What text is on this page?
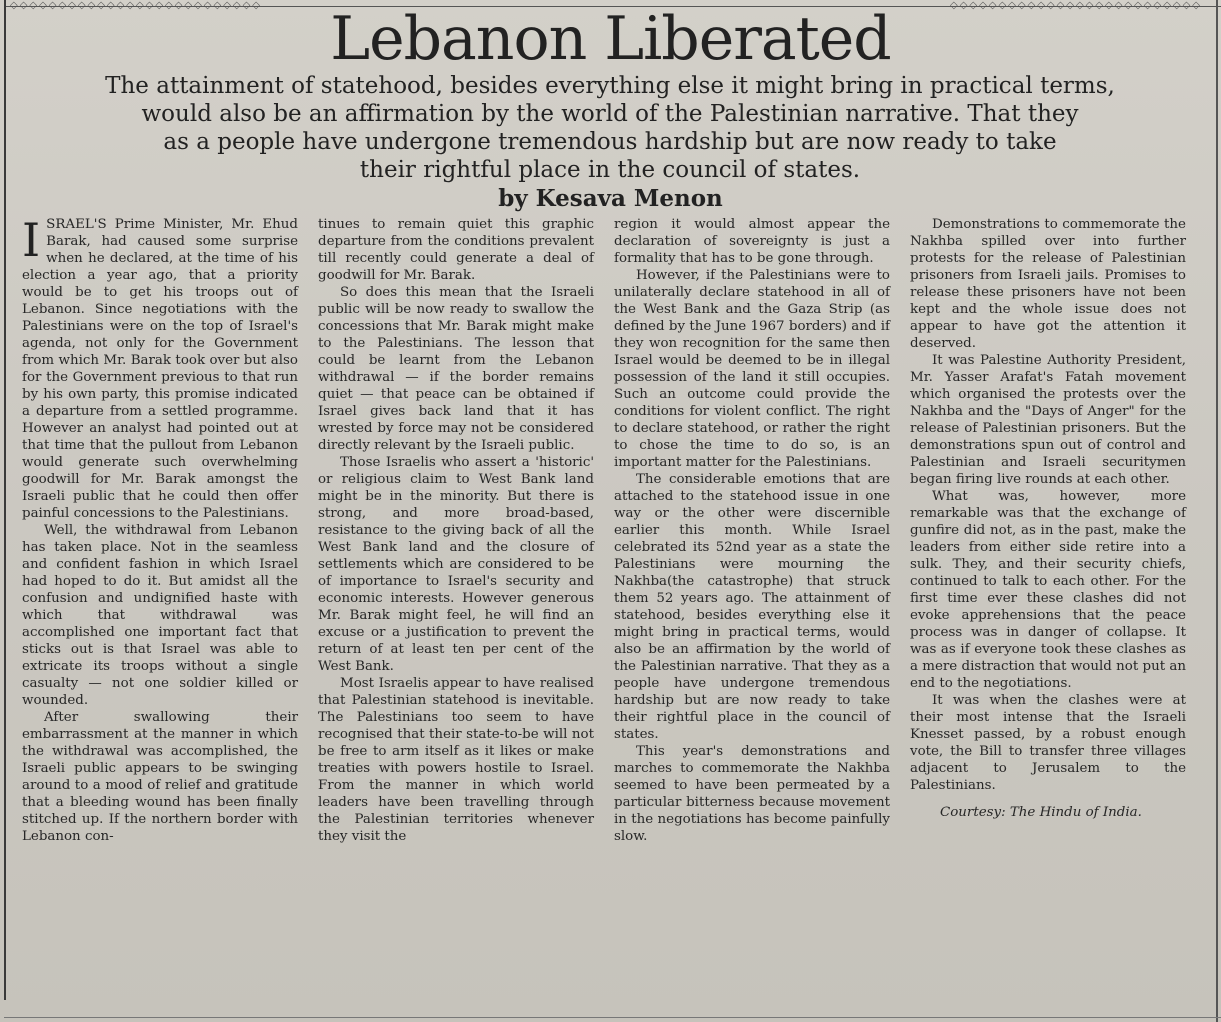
◇◇◇◇◇◇◇◇◇◇◇◇◇◇◇◇◇◇◇◇◇◇◇◇◇◇	◇◇◇◇◇◇◇◇◇◇◇◇◇◇◇◇◇◇◇◇◇◇◇◇◇◇
Lebanon Liberated
The attainment of statehood, besides everything else it might bring in practical terms,
would also be an affirmation by the world of the Palestinian narrative. That they
as a people have undergone tremendous hardship but are now ready to take
their rightful place in the council of states.
by Kesava Menon

ISRAEL'S Prime Minister, Mr. Ehud Barak, had caused some surprise when he declared, at the time of his election a year ago, that a priority would be to get his troops out of Lebanon. Since negotiations with the Palestinians were on the top of Israel's agenda, not only for the Government from which Mr. Barak took over but also for the Government previous to that run by his own party, this promise indicated a departure from a settled programme. However an analyst had pointed out at that time that the pullout from Lebanon would generate such overwhelming goodwill for Mr. Barak amongst the Israeli public that he could then offer painful concessions to the Palestinians.

Well, the withdrawal from Lebanon has taken place. Not in the seamless and confident fashion in which Israel had hoped to do it. But amidst all the confusion and undignified haste with which that withdrawal was accomplished one important fact that sticks out is that Israel was able to extricate its troops without a single casualty — not one soldier killed or wounded.

After swallowing their embarrassment at the manner in which the withdrawal was accomplished, the Israeli public appears to be swinging around to a mood of relief and gratitude that a bleeding wound has been finally stitched up. If the northern border with Lebanon con-

tinues to remain quiet this graphic departure from the conditions prevalent till recently could generate a deal of goodwill for Mr. Barak.

So does this mean that the Israeli public will be now ready to swallow the concessions that Mr. Barak might make to the Palestinians. The lesson that could be learnt from the Lebanon withdrawal — if the border remains quiet — that peace can be obtained if Israel gives back land that it has wrested by force may not be considered directly relevant by the Israeli public.

Those Israelis who assert a 'historic' or religious claim to West Bank land might be in the minority. But there is strong, and more broad-based, resistance to the giving back of all the West Bank land and the closure of settlements which are considered to be of importance to Israel's security and economic interests. However generous Mr. Barak might feel, he will find an excuse or a justification to prevent the return of at least ten per cent of the West Bank.

Most Israelis appear to have realised that Palestinian statehood is inevitable. The Palestinians too seem to have recognised that their state-to-be will not be free to arm itself as it likes or make treaties with powers hostile to Israel. From the manner in which world leaders have been travelling through the Palestinian territories whenever they visit the

region it would almost appear the declaration of sovereignty is just a formality that has to be gone through.

However, if the Palestinians were to unilaterally declare statehood in all of the West Bank and the Gaza Strip (as defined by the June 1967 borders) and if they won recognition for the same then Israel would be deemed to be in illegal possession of the land it still occupies. Such an outcome could provide the conditions for violent conflict. The right to declare statehood, or rather the right to chose the time to do so, is an important matter for the Palestinians.

The considerable emotions that are attached to the statehood issue in one way or the other were discernible earlier this month. While Israel celebrated its 52nd year as a state the Palestinians were mourning the Nakhba(the catastrophe) that struck them 52 years ago. The attainment of statehood, besides everything else it might bring in practical terms, would also be an affirmation by the world of the Palestinian narrative. That they as a people have undergone tremendous hardship but are now ready to take their rightful place in the council of states.

This year's demonstrations and marches to commemorate the Nakhba seemed to have been permeated by a particular bitterness because movement in the negotiations has become painfully slow.

Demonstrations to commemorate the Nakhba spilled over into further protests for the release of Palestinian prisoners from Israeli jails. Promises to release these prisoners have not been kept and the whole issue does not appear to have got the attention it deserved.

It was Palestine Authority President, Mr. Yasser Arafat's Fatah movement which organised the protests over the Nakhba and the "Days of Anger" for the release of Palestinian prisoners. But the demonstrations spun out of control and Palestinian and Israeli securitymen began firing live rounds at each other.

What was, however, more remarkable was that the exchange of gunfire did not, as in the past, make the leaders from either side retire into a sulk. They, and their security chiefs, continued to talk to each other. For the first time ever these clashes did not evoke apprehensions that the peace process was in danger of collapse. It was as if everyone took these clashes as a mere distraction that would not put an end to the negotiations.

It was when the clashes were at their most intense that the Israeli Knesset passed, by a robust enough vote, the Bill to transfer three villages adjacent to Jerusalem to the Palestinians.

Courtesy: The Hindu of India.
